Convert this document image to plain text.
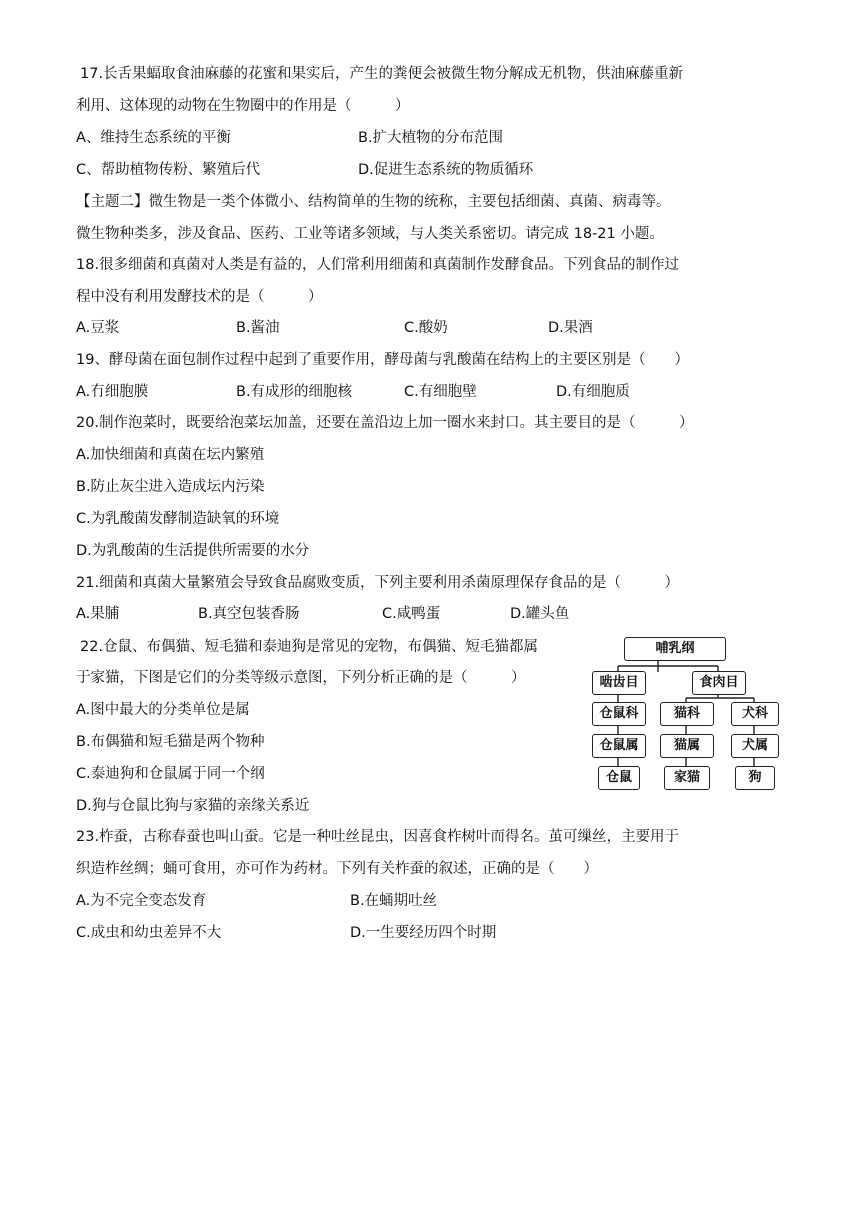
17.长舌果蝠取食油麻藤的花蜜和果实后，产生的粪便会被微生物分解成无机物，供油麻藤重新
利用、这体现的动物在生物圈中的作用是（　　　）
A、维持生态系统的平衡	B.扩大植物的分布范围
C、帮助植物传粉、繁殖后代	D.促进生态系统的物质循环
【主题二】微生物是一类个体微小、结构简单的生物的统称，主要包括细菌、真菌、病毒等。
微生物种类多，涉及食品、医药、工业等诸多领域，与人类关系密切。请完成 18-21 小题。
18.很多细菌和真菌对人类是有益的，人们常利用细菌和真菌制作发酵食品。下列食品的制作过
程中没有利用发酵技术的是（　　　）
A.豆浆	B.酱油	C.酸奶	D.果酒
19、酵母菌在面包制作过程中起到了重要作用，酵母菌与乳酸菌在结构上的主要区别是（　　）
A.冇细胞膜	B.有成形的细胞核	C.有细胞壁	D.有细胞质
20.制作泡菜时，既要给泡菜坛加盖，还要在盖沿边上加一圈水来封口。其主要目的是（　　　）
A.加快细菌和真菌在坛内繁殖
B.防止灰尘进入造成坛内污染
C.为乳酸菌发酵制造缺氧的环境
D.为乳酸菌的生活提供所需要的水分
21.细菌和真菌大量繁殖会导致食品腐败变质，下列主要利用杀菌原理保存食品的是（　　　）
A.果脯	B.真空包装香肠	C.咸鸭蛋	D.罐头鱼
22.仓鼠、布偶猫、短毛猫和泰迪狗是常见的宠物，布偶猫、短毛猫都属
于家猫，下图是它们的分类等级示意图，下列分析正确的是（　　　）
A.图中最大的分类单位是属
B.布偶猫和短毛猫是两个物种
C.泰迪狗和仓鼠属于同一个纲
D.狗与仓鼠比狗与家猫的亲缘关系近
哺乳纲
啮齿目	食肉目
仓鼠科	猫科	犬科
仓鼠属	猫属	犬属
仓鼠	家猫	狗
23.柞蚕，古称春蚕也叫山蚕。它是一种吐丝昆虫，因喜食柞树叶而得名。茧可缫丝，主要用于
织造柞丝绸；蛹可食用，亦可作为药材。下列有关柞蚕的叙述，正确的是（　　）
A.为不完全变态发育	B.在蛹期吐丝
C.成虫和幼虫差异不大	D.一生要经历四个时期
